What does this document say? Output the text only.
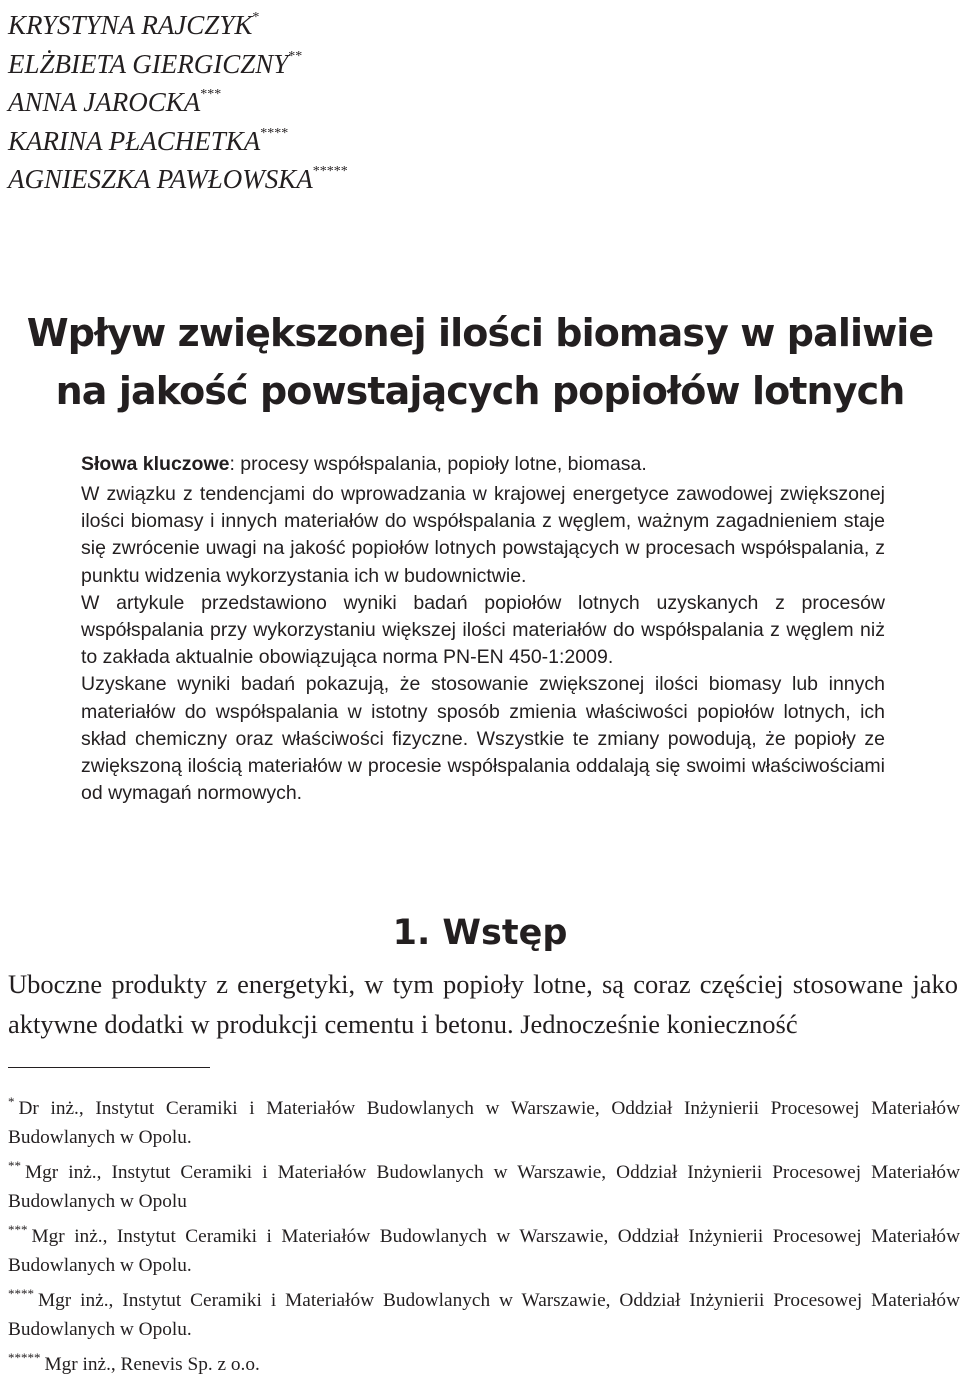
KRYSTYNA RAJCZYK*
ELŻBIETA GIERGICZNY**
ANNA JAROCKA***
KARINA PŁACHETKA****
AGNIESZKA PAWŁOWSKA*****
Wpływ zwiększonej ilości biomasy w paliwie
na jakość powstających popiołów lotnych
Słowa kluczowe: procesy współspalania, popioły lotne, biomasa.
W związku z tendencjami do wprowadzania w krajowej energetyce zawodowej zwiększonej ilości biomasy i innych materiałów do współspalania z węglem, ważnym zagadnieniem staje się zwrócenie uwagi na jakość popiołów lotnych powstających w procesach współspalania, z punktu widzenia wykorzystania ich w budownictwie.
W artykule przedstawiono wyniki badań popiołów lotnych uzyskanych z procesów współspalania przy wykorzystaniu większej ilości materiałów do współspalania z węglem niż to zakłada aktualnie obowiązująca norma PN-EN 450-1:2009.
Uzyskane wyniki badań pokazują, że stosowanie zwiększonej ilości biomasy lub innych materiałów do współspalania w istotny sposób zmienia właściwości popiołów lotnych, ich skład chemiczny oraz właściwości fizyczne. Wszystkie te zmiany powodują, że popioły ze zwiększoną ilością materiałów w procesie współspalania oddalają się swoimi właściwościami od wymagań normowych.
1. Wstęp
Uboczne produkty z energetyki, w tym popioły lotne, są coraz częściej stosowane jako aktywne dodatki w produkcji cementu i betonu. Jednocześnie konieczność
* Dr inż., Instytut Ceramiki i Materiałów Budowlanych w Warszawie, Oddział Inżynierii Procesowej Materiałów Budowlanych w Opolu.
** Mgr inż., Instytut Ceramiki i Materiałów Budowlanych w Warszawie, Oddział Inżynierii Procesowej Materiałów Budowlanych w Opolu
*** Mgr inż., Instytut Ceramiki i Materiałów Budowlanych w Warszawie, Oddział Inżynierii Procesowej Materiałów Budowlanych w Opolu.
**** Mgr inż., Instytut Ceramiki i Materiałów Budowlanych w Warszawie, Oddział Inżynierii Procesowej Materiałów Budowlanych w Opolu.
***** Mgr inż., Renevis Sp. z o.o.
